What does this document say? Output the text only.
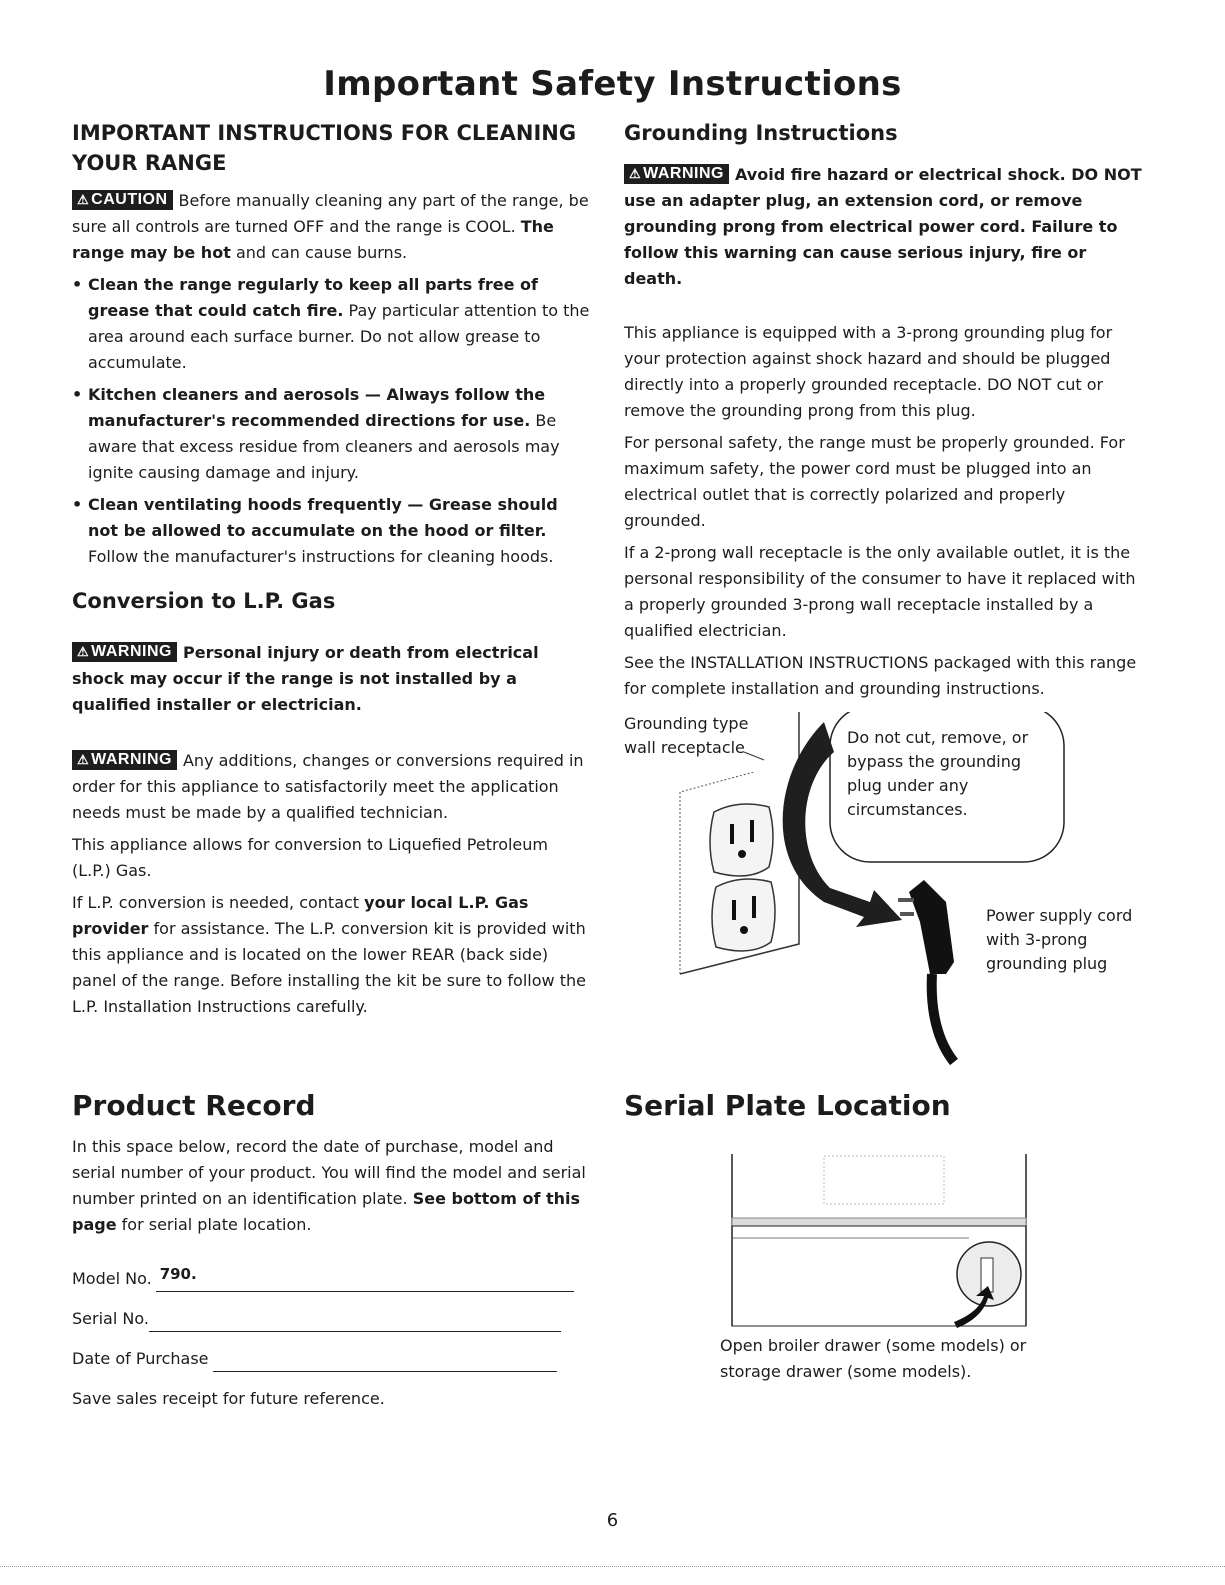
Important Safety Instructions
IMPORTANT INSTRUCTIONS FOR CLEANING
YOUR RANGE

⚠ CAUTION Before manually cleaning any part of the range, be sure all controls are turned OFF and the range is COOL. The range may be hot and can cause burns.

• Clean the range regularly to keep all parts free of grease that could catch fire. Pay particular attention to the area around each surface burner. Do not allow grease to accumulate.
• Kitchen cleaners and aerosols — Always follow the manufacturer's recommended directions for use. Be aware that excess residue from cleaners and aerosols may ignite causing damage and injury.
• Clean ventilating hoods frequently — Grease should not be allowed to accumulate on the hood or filter. Follow the manufacturer's instructions for cleaning hoods.
Conversion to L.P. Gas

⚠ WARNING Personal injury or death from electrical shock may occur if the range is not installed by a qualified installer or electrician.

⚠ WARNING Any additions, changes or conversions required in order for this appliance to satisfactorily meet the application needs must be made by a qualified technician.

This appliance allows for conversion to Liquefied Petroleum (L.P.) Gas.

If L.P. conversion is needed, contact your local L.P. Gas provider for assistance. The L.P. conversion kit is provided with this appliance and is located on the lower REAR (back side) panel of the range. Before installing the kit be sure to follow the L.P. Installation Instructions carefully.

Grounding Instructions

⚠ WARNING Avoid fire hazard or electrical shock. DO NOT use an adapter plug, an extension cord, or remove grounding prong from electrical power cord. Failure to follow this warning can cause serious injury, fire or death.

This appliance is equipped with a 3-prong grounding plug for your protection against shock hazard and should be plugged directly into a properly grounded receptacle. DO NOT cut or remove the grounding prong from this plug.

For personal safety, the range must be properly grounded. For maximum safety, the power cord must be plugged into an electrical outlet that is correctly polarized and properly grounded.

If a 2-prong wall receptacle is the only available outlet, it is the personal responsibility of the consumer to have it replaced with a properly grounded 3-prong wall receptacle installed by a qualified electrician.

See the INSTALLATION INSTRUCTIONS packaged with this range for complete installation and grounding instructions.

Grounding type
wall receptacle
Do not cut, remove, or
bypass the grounding
plug under any
circumstances.
Power supply cord
with 3-prong
grounding plug
Product Record

In this space below, record the date of purchase, model and serial number of your product. You will find the model and serial number printed on an identification plate. See bottom of this page for serial plate location.

Model No. 790.
Serial No.
Date of Purchase

Save sales receipt for future reference.

Serial Plate Location

Open broiler drawer (some models) or
storage drawer (some models).

6
